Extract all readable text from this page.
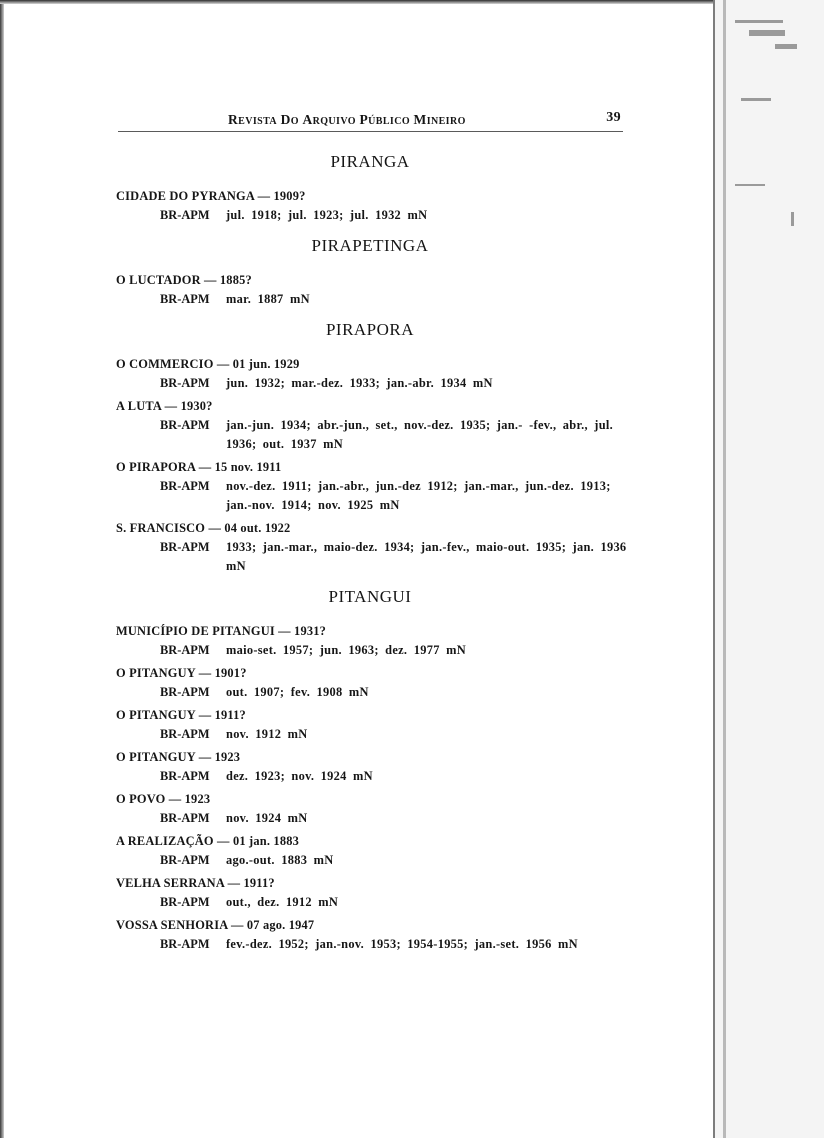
REVISTA DO ARQUIVO PÚBLICO MINEIRO	39
PIRANGA
CIDADE DO PYRANGA — 1909?
BR-APM	jul. 1918; jul. 1923; jul. 1932 mN
PIRAPETINGA
O LUCTADOR — 1885?
BR-APM	mar. 1887 mN
PIRAPORA
O COMMERCIO — 01 jun. 1929
BR-APM	jun. 1932; mar.-dez. 1933; jan.-abr. 1934 mN
A LUTA — 1930?
BR-APM	jan.-jun. 1934; abr.-jun., set., nov.-dez. 1935; jan.- -fev., abr., jul. 1936; out. 1937 mN
O PIRAPORA — 15 nov. 1911
BR-APM	nov.-dez. 1911; jan.-abr., jun.-dez 1912; jan.-mar., jun.-dez. 1913; jan.-nov. 1914; nov. 1925 mN
S. FRANCISCO — 04 out. 1922
BR-APM	1933; jan.-mar., maio-dez. 1934; jan.-fev., maio-out. 1935; jan. 1936 mN
PITANGUI
MUNICÍPIO DE PITANGUI — 1931?
BR-APM	maio-set. 1957; jun. 1963; dez. 1977 mN
O PITANGUY — 1901?
BR-APM	out. 1907; fev. 1908 mN
O PITANGUY — 1911?
BR-APM	nov. 1912 mN
O PITANGUY — 1923
BR-APM	dez. 1923; nov. 1924 mN
O POVO — 1923
BR-APM	nov. 1924 mN
A REALIZAÇÃO — 01 jan. 1883
BR-APM	ago.-out. 1883 mN
VELHA SERRANA — 1911?
BR-APM	out., dez. 1912 mN
VOSSA SENHORIA — 07 ago. 1947
BR-APM	fev.-dez. 1952; jan.-nov. 1953; 1954-1955; jan.-set. 1956 mN
